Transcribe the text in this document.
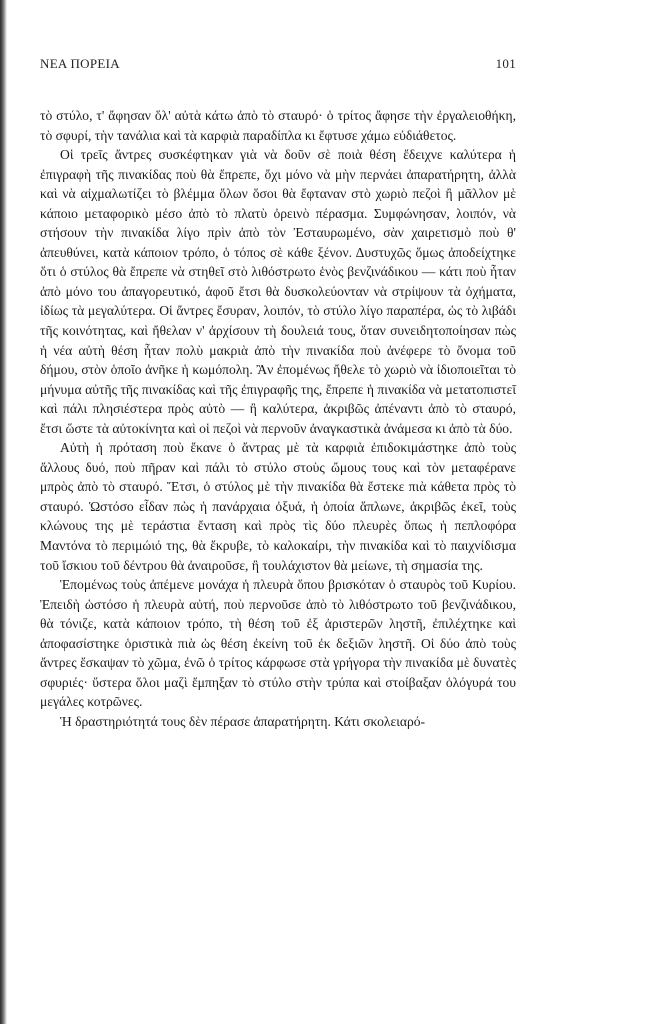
ΝΕΑ ΠΟΡΕΙΑ	101

τὸ στύλο, τ' ἄφησαν ὅλ' αὐτὰ κάτω ἀπὸ τὸ σταυρό· ὁ τρίτος ἄφησε τὴν ἐργαλειοθήκη, τὸ σφυρί, τὴν τανάλια καὶ τὰ καρφιὰ παραδίπλα κι ἔφτυσε χάμω εὐδιάθετος.

Οἱ τρεῖς ἄντρες συσκέφτηκαν γιὰ νὰ δοῦν σὲ ποιὰ θέση ἔδειχνε καλύτερα ἡ ἐπιγραφὴ τῆς πινακίδας ποὺ θὰ ἔπρεπε, ὄχι μόνο νὰ μὴν περνάει ἀπαρατήρητη, ἀλλὰ καὶ νὰ αἰχμαλωτίζει τὸ βλέμμα ὅλων ὅσοι θὰ ἔφταναν στὸ χωριὸ πεζοὶ ἢ μᾶλλον μὲ κάποιο μεταφορικὸ μέσο ἀπὸ τὸ πλατὺ ὀρεινὸ πέρασμα. Συμφώνησαν, λοιπόν, νὰ στήσουν τὴν πινακίδα λίγο πρὶν ἀπὸ τὸν Ἐσταυρωμένο, σὰν χαιρετισμὸ ποὺ θ' ἀπευθύνει, κατὰ κάποιον τρόπο, ὁ τόπος σὲ κάθε ξένον. Δυστυχῶς ὅμως ἀποδείχτηκε ὅτι ὁ στύλος θὰ ἔπρεπε νὰ στηθεῖ στὸ λιθόστρωτο ἑνὸς βενζινάδικου — κάτι ποὺ ἦταν ἀπὸ μόνο του ἀπαγορευτικό, ἀφοῦ ἔτσι θὰ δυσκολεύονταν νὰ στρίψουν τὰ ὀχήματα, ἰδίως τὰ μεγαλύτερα. Οἱ ἄντρες ἔσυραν, λοιπόν, τὸ στύλο λίγο παραπέρα, ὡς τὸ λιβάδι τῆς κοινότητας, καὶ ἤθελαν ν' ἀρχίσουν τὴ δουλειά τους, ὅταν συνειδητοποίησαν πὼς ἡ νέα αὐτὴ θέση ἦταν πολὺ μακριὰ ἀπὸ τὴν πινακίδα ποὺ ἀνέφερε τὸ ὄνομα τοῦ δήμου, στὸν ὁποῖο ἀνῆκε ἡ κωμόπολη. Ἂν ἐπομένως ἤθελε τὸ χωριὸ νὰ ἰδιοποιεῖται τὸ μήνυμα αὐτῆς τῆς πινακίδας καὶ τῆς ἐπιγραφῆς της, ἔπρεπε ἡ πινακίδα νὰ μετατοπιστεῖ καὶ πάλι πλησιέστερα πρὸς αὐτὸ — ἢ καλύτερα, ἀκριβῶς ἀπέναντι ἀπὸ τὸ σταυρό, ἔτσι ὥστε τὰ αὐτοκίνητα καὶ οἱ πεζοὶ νὰ περνοῦν ἀναγκαστικὰ ἀνάμεσα κι ἀπὸ τὰ δύο.

Αὐτὴ ἡ πρόταση ποὺ ἔκανε ὁ ἄντρας μὲ τὰ καρφιὰ ἐπιδοκιμάστηκε ἀπὸ τοὺς ἄλλους δυό, ποὺ πῆραν καὶ πάλι τὸ στύλο στοὺς ὤμους τους καὶ τὸν μεταφέρανε μπρὸς ἀπὸ τὸ σταυρό. Ἔτσι, ὁ στύλος μὲ τὴν πινακίδα θὰ ἔστεκε πιὰ κάθετα πρὸς τὸ σταυρό. Ὡστόσο εἶδαν πὼς ἡ πανάρχαια ὀξυά, ἡ ὁποία ἅπλωνε, ἀκριβῶς ἐκεῖ, τοὺς κλώνους της μὲ τεράστια ἔνταση καὶ πρὸς τὶς δύο πλευρὲς ὅπως ἡ πεπλοφόρα Μαντόνα τὸ περιμώιό της, θὰ ἔκρυβε, τὸ καλοκαίρι, τὴν πινακίδα καὶ τὸ παιχνίδισμα τοῦ ἴσκιου τοῦ δέντρου θὰ ἀναιροῦσε, ἢ τουλάχιστον θὰ μείωνε, τὴ σημασία της.

Ἑπομένως τοὺς ἀπέμενε μονάχα ἡ πλευρὰ ὅπου βρισκόταν ὁ σταυρὸς τοῦ Κυρίου. Ἐπειδὴ ὡστόσο ἡ πλευρὰ αὐτή, ποὺ περνοῦσε ἀπὸ τὸ λιθόστρωτο τοῦ βενζινάδικου, θὰ τόνιζε, κατὰ κάποιον τρόπο, τὴ θέση τοῦ ἐξ ἀριστερῶν ληστῆ, ἐπιλέχτηκε καὶ ἀποφασίστηκε ὁριστικὰ πιὰ ὡς θέση ἐκείνη τοῦ ἐκ δεξιῶν ληστῆ. Οἱ δύο ἀπὸ τοὺς ἄντρες ἔσκαψαν τὸ χῶμα, ἐνῶ ὁ τρίτος κάρφωσε στὰ γρήγορα τὴν πινακίδα μὲ δυνατὲς σφυριές· ὕστερα ὅλοι μαζὶ ἔμπηξαν τὸ στύλο στὴν τρύπα καὶ στοίβαξαν ὁλόγυρά του μεγάλες κοτρῶνες.

Ἡ δραστηριότητά τους δὲν πέρασε ἀπαρατήρητη. Κάτι σκολειαρό-
